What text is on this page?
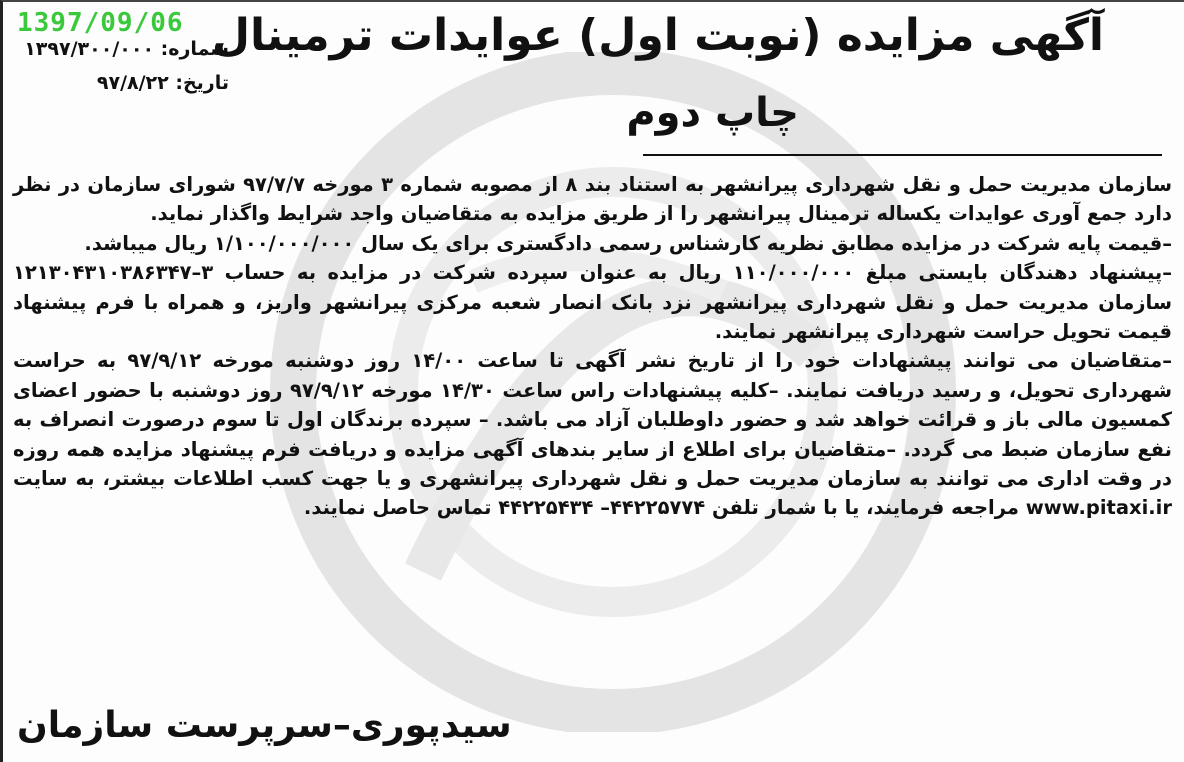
1397/09/06
شماره: ۱۳۹۷/۳۰۰/۰۰۰
تاریخ: ۹۷/۸/۲۲
آگهی مزایده (نوبت اول) عوایدات ترمینال
چاپ دوم

سازمان مدیریت حمل و نقل شهرداری پیرانشهر به استناد بند ۸ از مصوبه شماره ۳ مورخه ۹۷/۷/۷ شورای سازمان در نظر دارد جمع آوری عوایدات یکساله ترمینال پیرانشهر را از طریق مزایده به متقاضیان واجد شرایط واگذار نماید.

–قیمت پایه شرکت در مزایده مطابق نظریه کارشناس رسمی دادگستری برای یک سال ۱/۱۰۰/۰۰۰/۰۰۰ ریال میباشد.

–پیشنهاد دهندگان بایستی مبلغ ۱۱۰/۰۰۰/۰۰۰ ریال به عنوان سپرده شرکت در مزایده به حساب ۳–۱۲۱۳۰۴۳۱۰۳۸۶۳۴۷ سازمان مدیریت حمل و نقل شهرداری پیرانشهر نزد بانک انصار شعبه مرکزی پیرانشهر واریز، و همراه با فرم پیشنهاد قیمت تحویل حراست شهرداری پیرانشهر نمایند.

–متقاضیان می توانند پیشنهادات خود را از تاریخ نشر آگهی تا ساعت ۱۴/۰۰ روز دوشنبه مورخه ۹۷/۹/۱۲ به حراست شهرداری تحویل، و رسید دریافت نمایند. –کلیه پیشنهادات راس ساعت ۱۴/۳۰ مورخه ۹۷/۹/۱۲ روز دوشنبه با حضور اعضای کمسیون مالی باز و قرائت خواهد شد و حضور داوطلبان آزاد می باشد. – سپرده برندگان اول تا سوم درصورت انصراف به نفع سازمان ضبط می گردد. –متقاضیان برای اطلاع از سایر بندهای آگهی مزایده و دریافت فرم پیشنهاد مزایده همه روزه در وقت اداری می توانند به سازمان مدیریت حمل و نقل شهرداری پیرانشهری و یا جهت کسب اطلاعات بیشتر، به سایت www.pitaxi.ir مراجعه فرمایند، یا با شمار تلفن ۴۴۲۲۵۷۷۴– ۴۴۲۲۵۴۳۴ تماس حاصل نمایند.

سیدپوری–سرپرست سازمان
